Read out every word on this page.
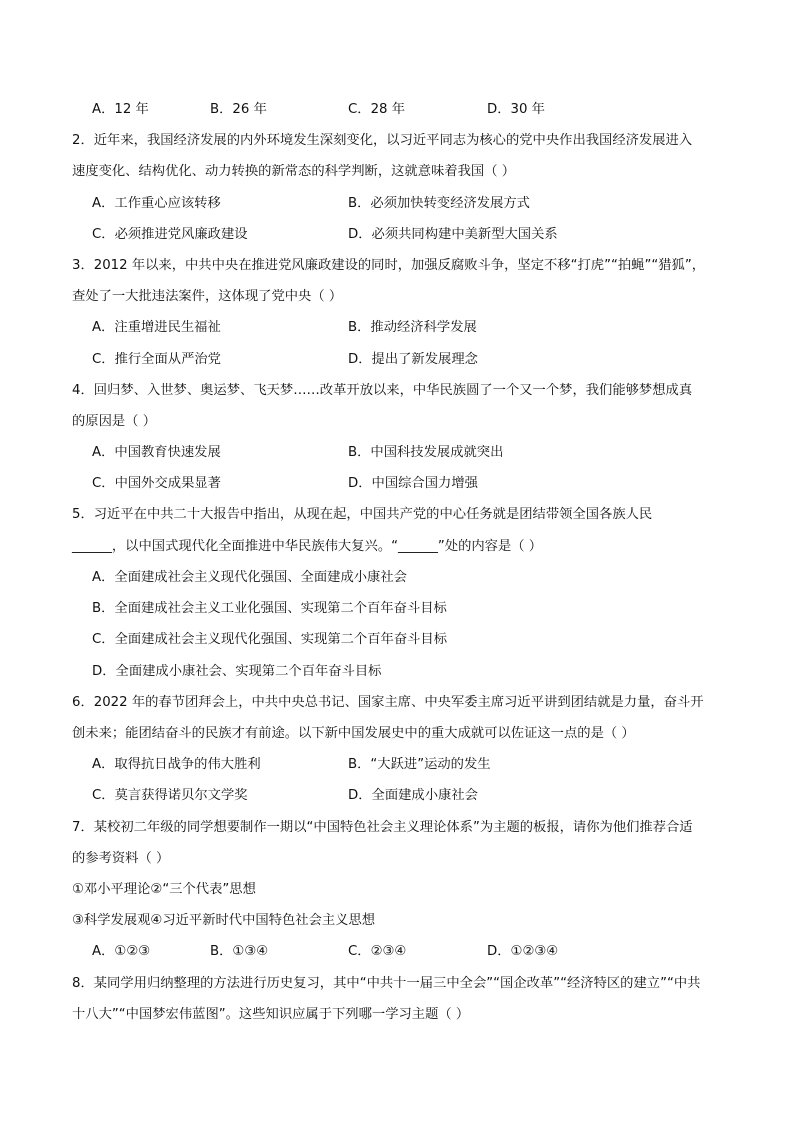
A．12 年	B．26 年	C．28 年	D．30 年
2．近年来，我国经济发展的内外环境发生深刻变化，以习近平同志为核心的党中央作出我国经济发展进入
速度变化、结构优化、动力转换的新常态的科学判断，这就意味着我国（ ）
A．工作重心应该转移	B．必须加快转变经济发展方式
C．必须推进党风廉政建设	D．必须共同构建中美新型大国关系
3．2012 年以来，中共中央在推进党风廉政建设的同时，加强反腐败斗争，坚定不移“打虎”“拍蝇”“猎狐”，
查处了一大批违法案件，这体现了党中央（ ）
A．注重增进民生福祉	B．推动经济科学发展
C．推行全面从严治党	D．提出了新发展理念
4．回归梦、入世梦、奥运梦、飞天梦……改革开放以来，中华民族圆了一个又一个梦，我们能够梦想成真
的原因是（ ）
A．中国教育快速发展	B．中国科技发展成就突出
C．中国外交成果显著	D．中国综合国力增强
5．习近平在中共二十大报告中指出，从现在起，中国共产党的中心任务就是团结带领全国各族人民
______，以中国式现代化全面推进中华民族伟大复兴。“______”处的内容是（ ）
A．全面建成社会主义现代化强国、全面建成小康社会
B．全面建成社会主义工业化强国、实现第二个百年奋斗目标
C．全面建成社会主义现代化强国、实现第二个百年奋斗目标
D．全面建成小康社会、实现第二个百年奋斗目标
6．2022 年的春节团拜会上，中共中央总书记、国家主席、中央军委主席习近平讲到团结就是力量，奋斗开
创未来；能团结奋斗的民族才有前途。以下新中国发展史中的重大成就可以佐证这一点的是（ ）
A．取得抗日战争的伟大胜利	B．“大跃进”运动的发生
C．莫言获得诺贝尔文学奖	D．全面建成小康社会
7．某校初二年级的同学想要制作一期以“中国特色社会主义理论体系”为主题的板报，请你为他们推荐合适
的参考资料（ ）
①邓小平理论②“三个代表”思想
③科学发展观④习近平新时代中国特色社会主义思想
A．①②③	B．①③④	C．②③④	D．①②③④
8．某同学用归纳整理的方法进行历史复习，其中“中共十一届三中全会”“国企改革”“经济特区的建立”“中共
十八大”“中国梦宏伟蓝图”。这些知识应属于下列哪一学习主题（ ）
